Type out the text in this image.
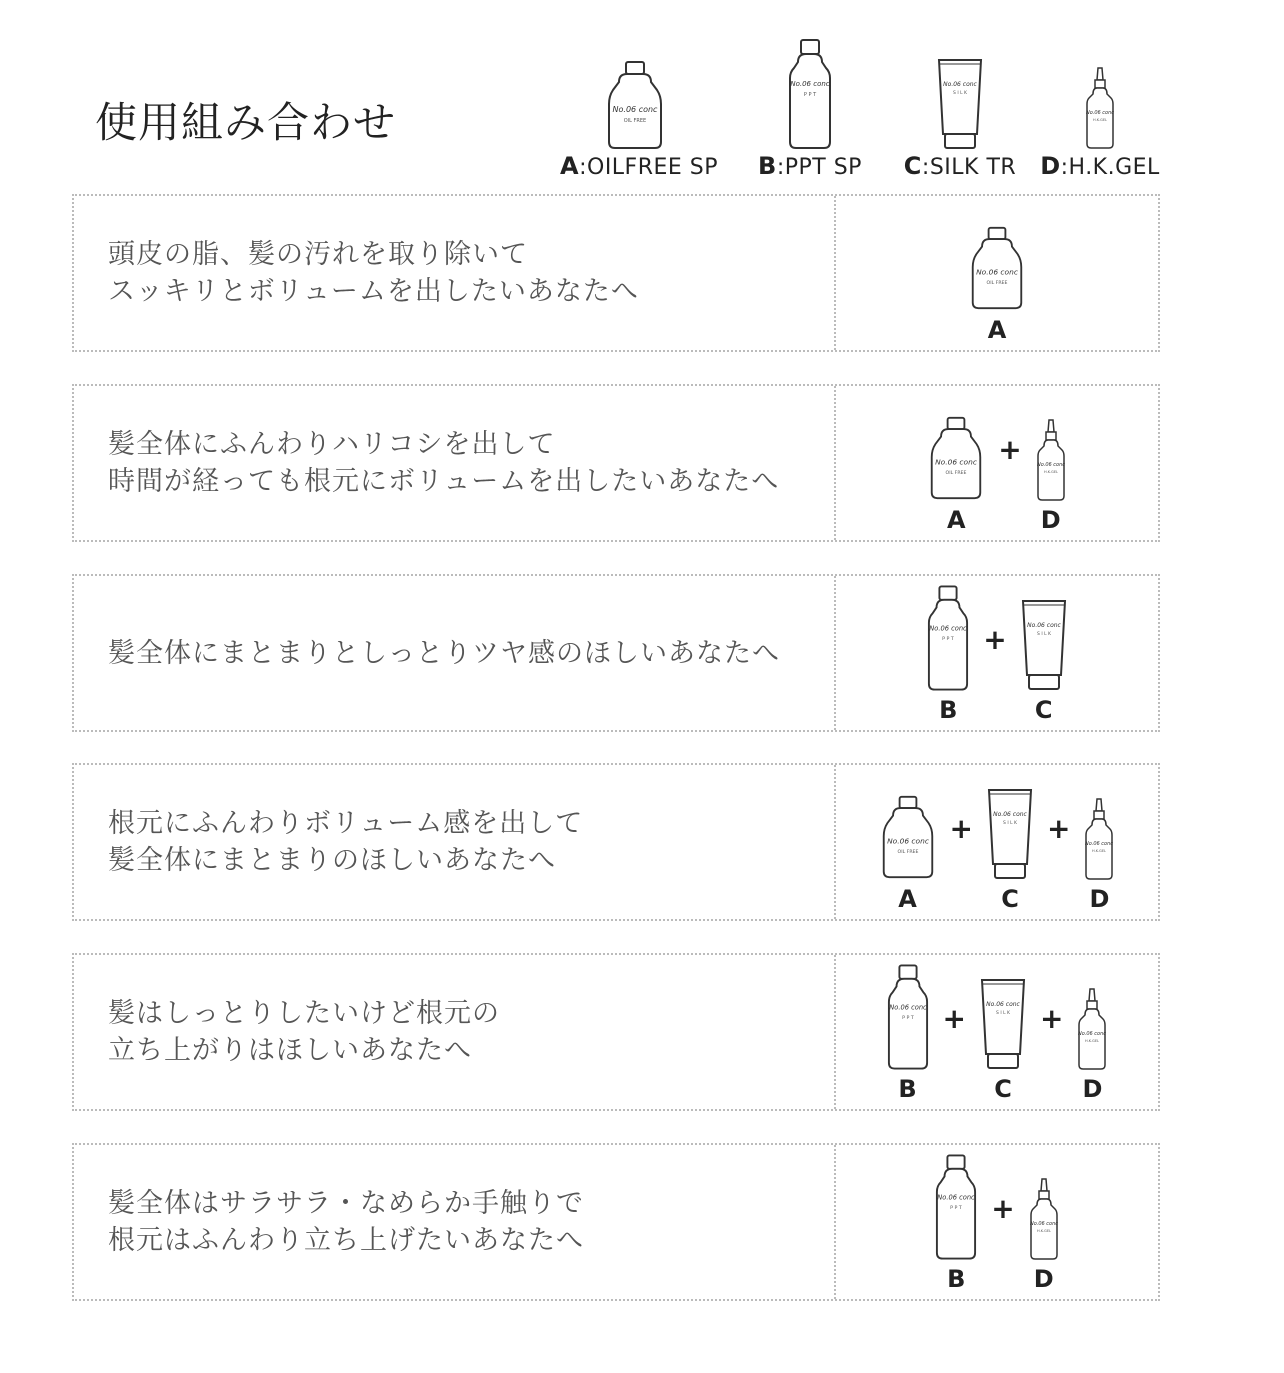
使用組み合わせ	No.06 conc
OIL FREE
A:OILFREE SP
No.06 conc
P P T
B:PPT SP
No.06 conc
S I L K
C:SILK TR
No.06 conc
H.K.GEL
D:H.K.GEL
頭皮の脂、髪の汚れを取り除いて
スッキリとボリュームを出したいあなたへ
No.06 conc
OIL FREE
A
髪全体にふんわりハリコシを出して
時間が経っても根元にボリュームを出したいあなたへ
No.06 conc
OIL FREE
A
+	No.06 conc
H.K.GEL
D
髪全体にまとまりとしっとりツヤ感のほしいあなたへ
No.06 conc
P P T
B
+	No.06 conc
S I L K
C
根元にふんわりボリューム感を出して
髪全体にまとまりのほしいあなたへ
No.06 conc
OIL FREE
A
+	No.06 conc
S I L K
C
+	No.06 conc
H.K.GEL
D
髪はしっとりしたいけど根元の
立ち上がりはほしいあなたへ
No.06 conc
P P T
B
+	No.06 conc
S I L K
C
+	No.06 conc
H.K.GEL
D
髪全体はサラサラ・なめらか手触りで
根元はふんわり立ち上げたいあなたへ
No.06 conc
P P T
B
+	No.06 conc
H.K.GEL
D
